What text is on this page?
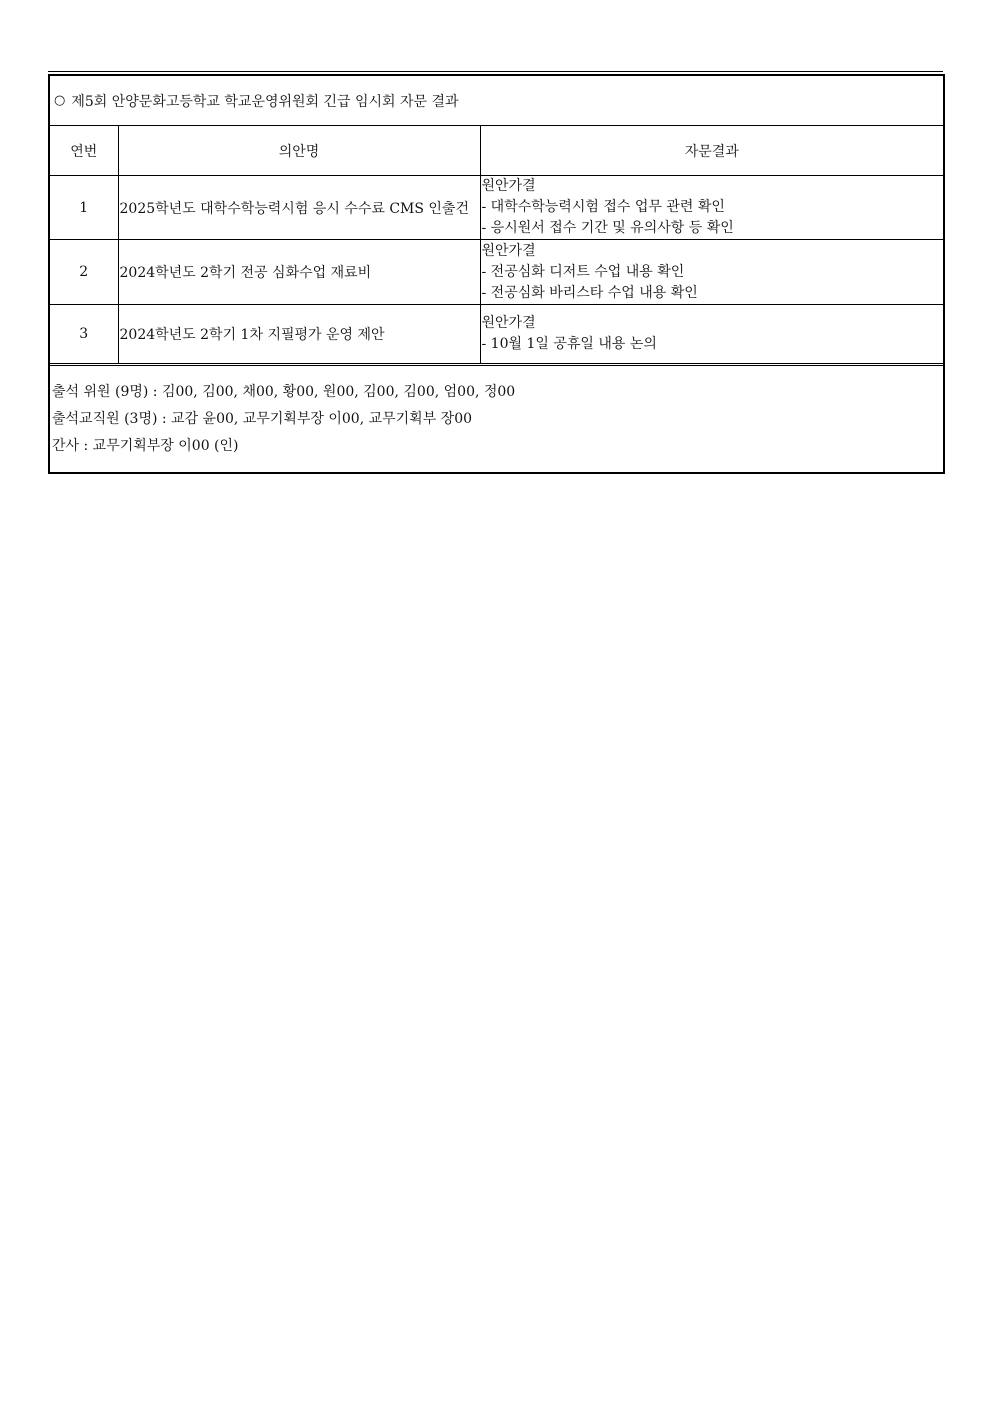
○ 제5회 안양문화고등학교 학교운영위원회 긴급 임시회 자문 결과
연번	의안명	자문결과
1	2025학년도 대학수학능력시험 응시 수수료 CMS 인출건	원안가결
- 대학수학능력시험 접수 업무 관련 확인
- 응시원서 접수 기간 및 유의사항 등 확인

2	2024학년도 2학기 전공 심화수업 재료비	원안가결
- 전공심화 디저트 수업 내용 확인
- 전공심화 바리스타 수업 내용 확인

3	2024학년도 2학기 1차 지필평가 운영 제안	원안가결
- 10월 1일 공휴일 내용 논의
출석 위원 (9명) : 김00, 김00, 채00, 황00, 원00, 김00, 김00, 엄00, 정00
출석교직원 (3명) : 교감 윤00, 교무기획부장 이00, 교무기획부 장00
간사 : 교무기획부장 이00 (인)
